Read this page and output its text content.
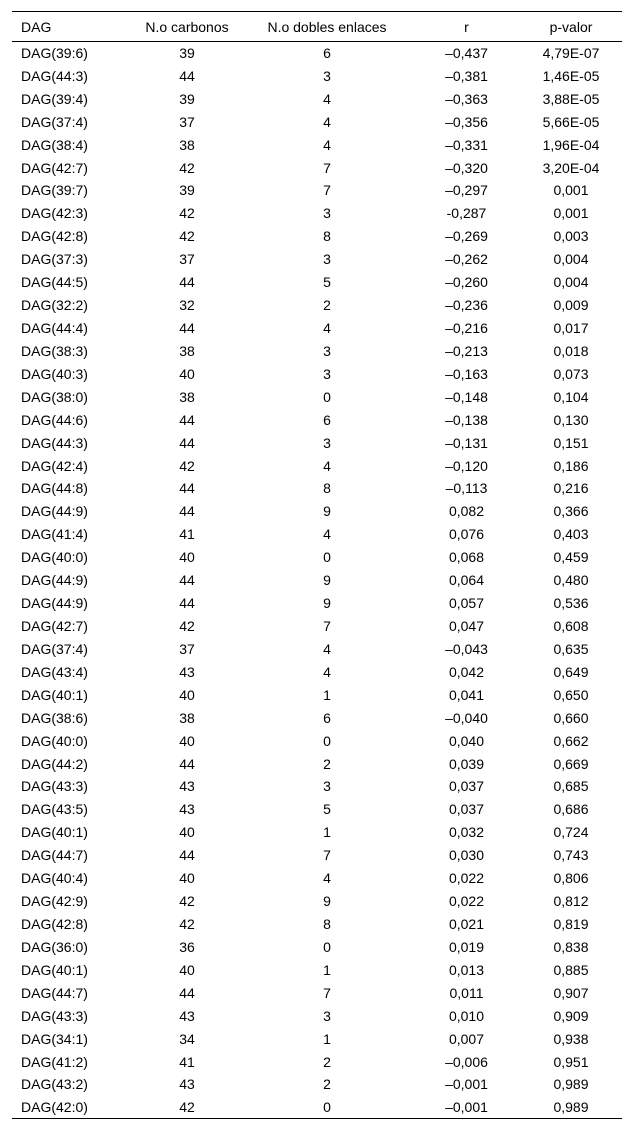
DAG	N.o carbonos	N.o dobles enlaces	r	p-valor
DAG(39:6)	39	6	–0,437	4,79E-07
DAG(44:3)	44	3	–0,381	1,46E-05
DAG(39:4)	39	4	–0,363	3,88E-05
DAG(37:4)	37	4	–0,356	5,66E-05
DAG(38:4)	38	4	–0,331	1,96E-04
DAG(42:7)	42	7	–0,320	3,20E-04
DAG(39:7)	39	7	–0,297	0,001
DAG(42:3)	42	3	-0,287	0,001
DAG(42:8)	42	8	–0,269	0,003
DAG(37:3)	37	3	–0,262	0,004
DAG(44:5)	44	5	–0,260	0,004
DAG(32:2)	32	2	–0,236	0,009
DAG(44:4)	44	4	–0,216	0,017
DAG(38:3)	38	3	–0,213	0,018
DAG(40:3)	40	3	–0,163	0,073
DAG(38:0)	38	0	–0,148	0,104
DAG(44:6)	44	6	–0,138	0,130
DAG(44:3)	44	3	–0,131	0,151
DAG(42:4)	42	4	–0,120	0,186
DAG(44:8)	44	8	–0,113	0,216
DAG(44:9)	44	9	0,082	0,366
DAG(41:4)	41	4	0,076	0,403
DAG(40:0)	40	0	0,068	0,459
DAG(44:9)	44	9	0,064	0,480
DAG(44:9)	44	9	0,057	0,536
DAG(42:7)	42	7	0,047	0,608
DAG(37:4)	37	4	–0,043	0,635
DAG(43:4)	43	4	0,042	0,649
DAG(40:1)	40	1	0,041	0,650
DAG(38:6)	38	6	–0,040	0,660
DAG(40:0)	40	0	0,040	0,662
DAG(44:2)	44	2	0,039	0,669
DAG(43:3)	43	3	0,037	0,685
DAG(43:5)	43	5	0,037	0,686
DAG(40:1)	40	1	0,032	0,724
DAG(44:7)	44	7	0,030	0,743
DAG(40:4)	40	4	0,022	0,806
DAG(42:9)	42	9	0,022	0,812
DAG(42:8)	42	8	0,021	0,819
DAG(36:0)	36	0	0,019	0,838
DAG(40:1)	40	1	0,013	0,885
DAG(44:7)	44	7	0,011	0,907
DAG(43:3)	43	3	0,010	0,909
DAG(34:1)	34	1	0,007	0,938
DAG(41:2)	41	2	–0,006	0,951
DAG(43:2)	43	2	–0,001	0,989
DAG(42:0)	42	0	–0,001	0,989
